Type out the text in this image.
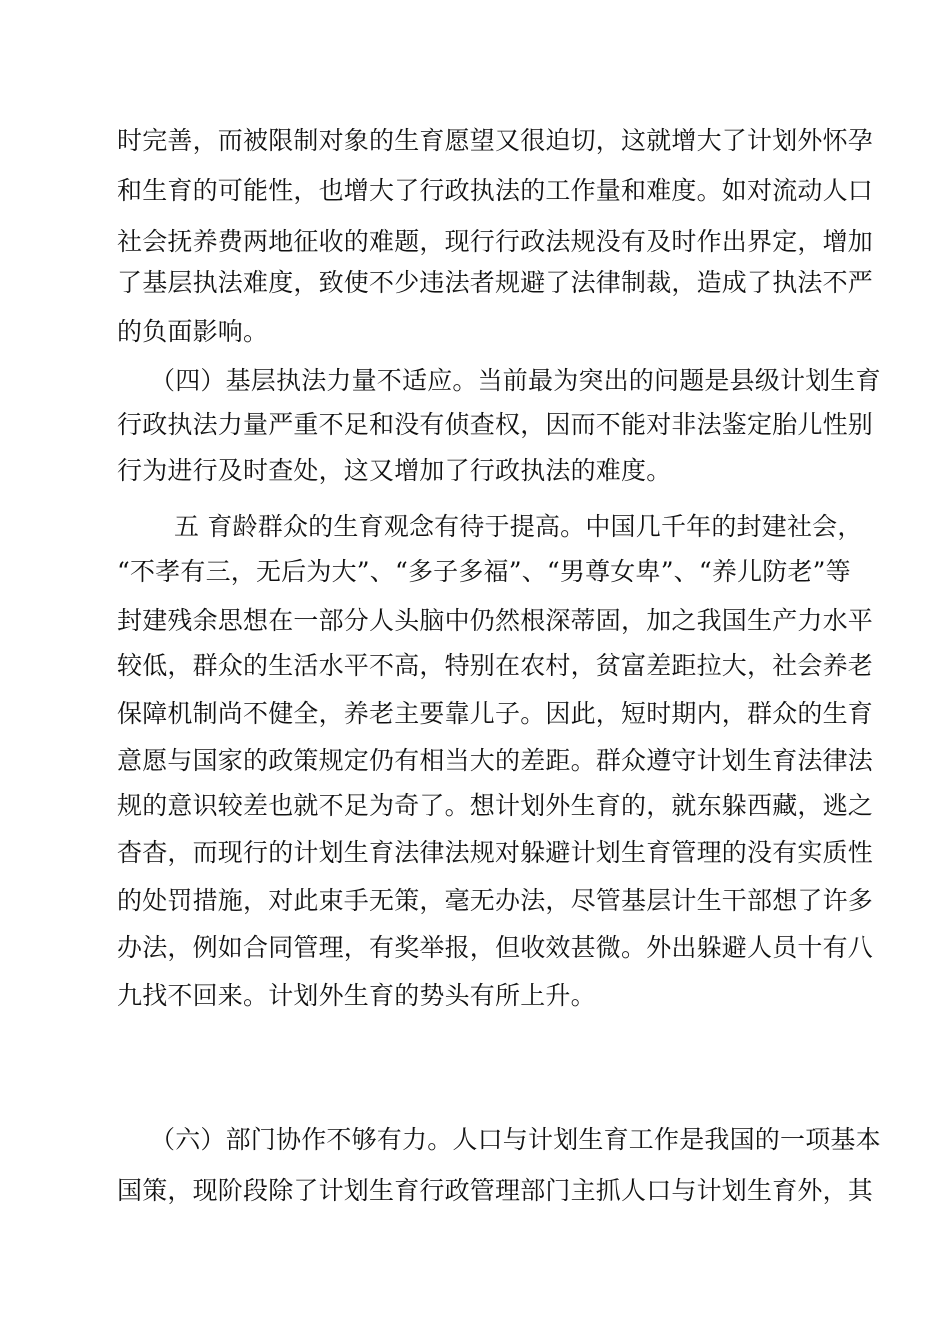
时完善，而被限制对象的生育愿望又很迫切，这就增大了计划外怀孕
和生育的可能性，也增大了行政执法的工作量和难度。如对流动人口
社会抚养费两地征收的难题，现行行政法规没有及时作出界定，增加
了基层执法难度，致使不少违法者规避了法律制裁，造成了执法不严
的负面影响。
（四）基层执法力量不适应。当前最为突出的问题是县级计划生育
行政执法力量严重不足和没有侦查权，因而不能对非法鉴定胎儿性别
行为进行及时查处，这又增加了行政执法的难度。
五 育龄群众的生育观念有待于提高。中国几千年的封建社会，
“不孝有三，无后为大”、“多子多福”、“男尊女卑”、“养儿防老”等
封建残余思想在一部分人头脑中仍然根深蒂固，加之我国生产力水平
较低，群众的生活水平不高，特别在农村，贫富差距拉大，社会养老
保障机制尚不健全，养老主要靠儿子。因此，短时期内，群众的生育
意愿与国家的政策规定仍有相当大的差距。群众遵守计划生育法律法
规的意识较差也就不足为奇了。想计划外生育的，就东躲西藏，逃之
杳杳，而现行的计划生育法律法规对躲避计划生育管理的没有实质性
的处罚措施，对此束手无策，毫无办法，尽管基层计生干部想了许多
办法，例如合同管理，有奖举报，但收效甚微。外出躲避人员十有八
九找不回来。计划外生育的势头有所上升。
（六）部门协作不够有力。人口与计划生育工作是我国的一项基本
国策，现阶段除了计划生育行政管理部门主抓人口与计划生育外，其
